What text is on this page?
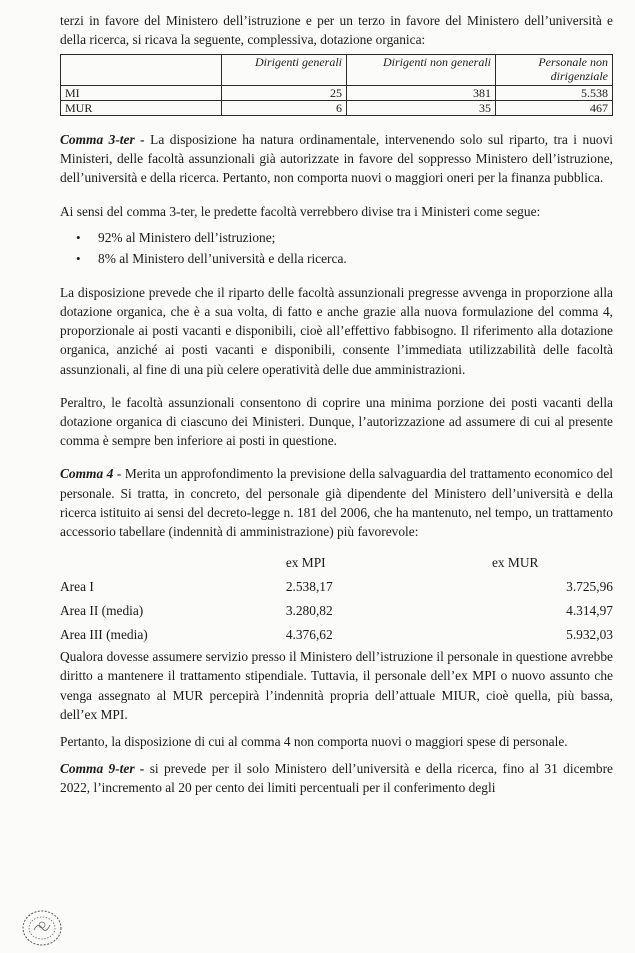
terzi in favore del Ministero dell’istruzione e per un terzo in favore del Ministero dell’università e della ricerca, si ricava la seguente, complessiva, dotazione organica:

	Dirigenti generali	Dirigenti non generali	Personale non dirigenziale
MI	25	381	5.538
MUR	6	35	467

Comma 3-ter - La disposizione ha natura ordinamentale, intervenendo solo sul riparto, tra i nuovi Ministeri, delle facoltà assunzionali già autorizzate in favore del soppresso Ministero dell’istruzione, dell’università e della ricerca. Pertanto, non comporta nuovi o maggiori oneri per la finanza pubblica.

Ai sensi del comma 3-ter, le predette facoltà verrebbero divise tra i Ministeri come segue:

• 92% al Ministero dell’istruzione;
• 8% al Ministero dell’università e della ricerca.

La disposizione prevede che il riparto delle facoltà assunzionali pregresse avvenga in proporzione alla dotazione organica, che è a sua volta, di fatto e anche grazie alla nuova formulazione del comma 4, proporzionale ai posti vacanti e disponibili, cioè all’effettivo fabbisogno. Il riferimento alla dotazione organica, anziché ai posti vacanti e disponibili, consente l’immediata utilizzabilità delle facoltà assunzionali, al fine di una più celere operatività delle due amministrazioni.

Peraltro, le facoltà assunzionali consentono di coprire una minima porzione dei posti vacanti della dotazione organica di ciascuno dei Ministeri. Dunque, l’autorizzazione ad assumere di cui al presente comma è sempre ben inferiore ai posti in questione.

Comma 4 - Merita un approfondimento la previsione della salvaguardia del trattamento economico del personale. Si tratta, in concreto, del personale già dipendente del Ministero dell’università e della ricerca istituito ai sensi del decreto-legge n. 181 del 2006, che ha mantenuto, nel tempo, un trattamento accessorio tabellare (indennità di amministrazione) più favorevole:

	ex MPI	ex MUR
Area I	2.538,17	3.725,96
Area II (media)	3.280,82	4.314,97
Area III (media)	4.376,62	5.932,03

Qualora dovesse assumere servizio presso il Ministero dell’istruzione il personale in questione avrebbe diritto a mantenere il trattamento stipendiale. Tuttavia, il personale dell’ex MPI o nuovo assunto che venga assegnato al MUR percepirà l’indennità propria dell’attuale MIUR, cioè quella, più bassa, dell’ex MPI.

Pertanto, la disposizione di cui al comma 4 non comporta nuovi o maggiori spese di personale.

Comma 9-ter - si prevede per il solo Ministero dell’università e della ricerca, fino al 31 dicembre 2022, l’incremento al 20 per cento dei limiti percentuali per il conferimento degli
